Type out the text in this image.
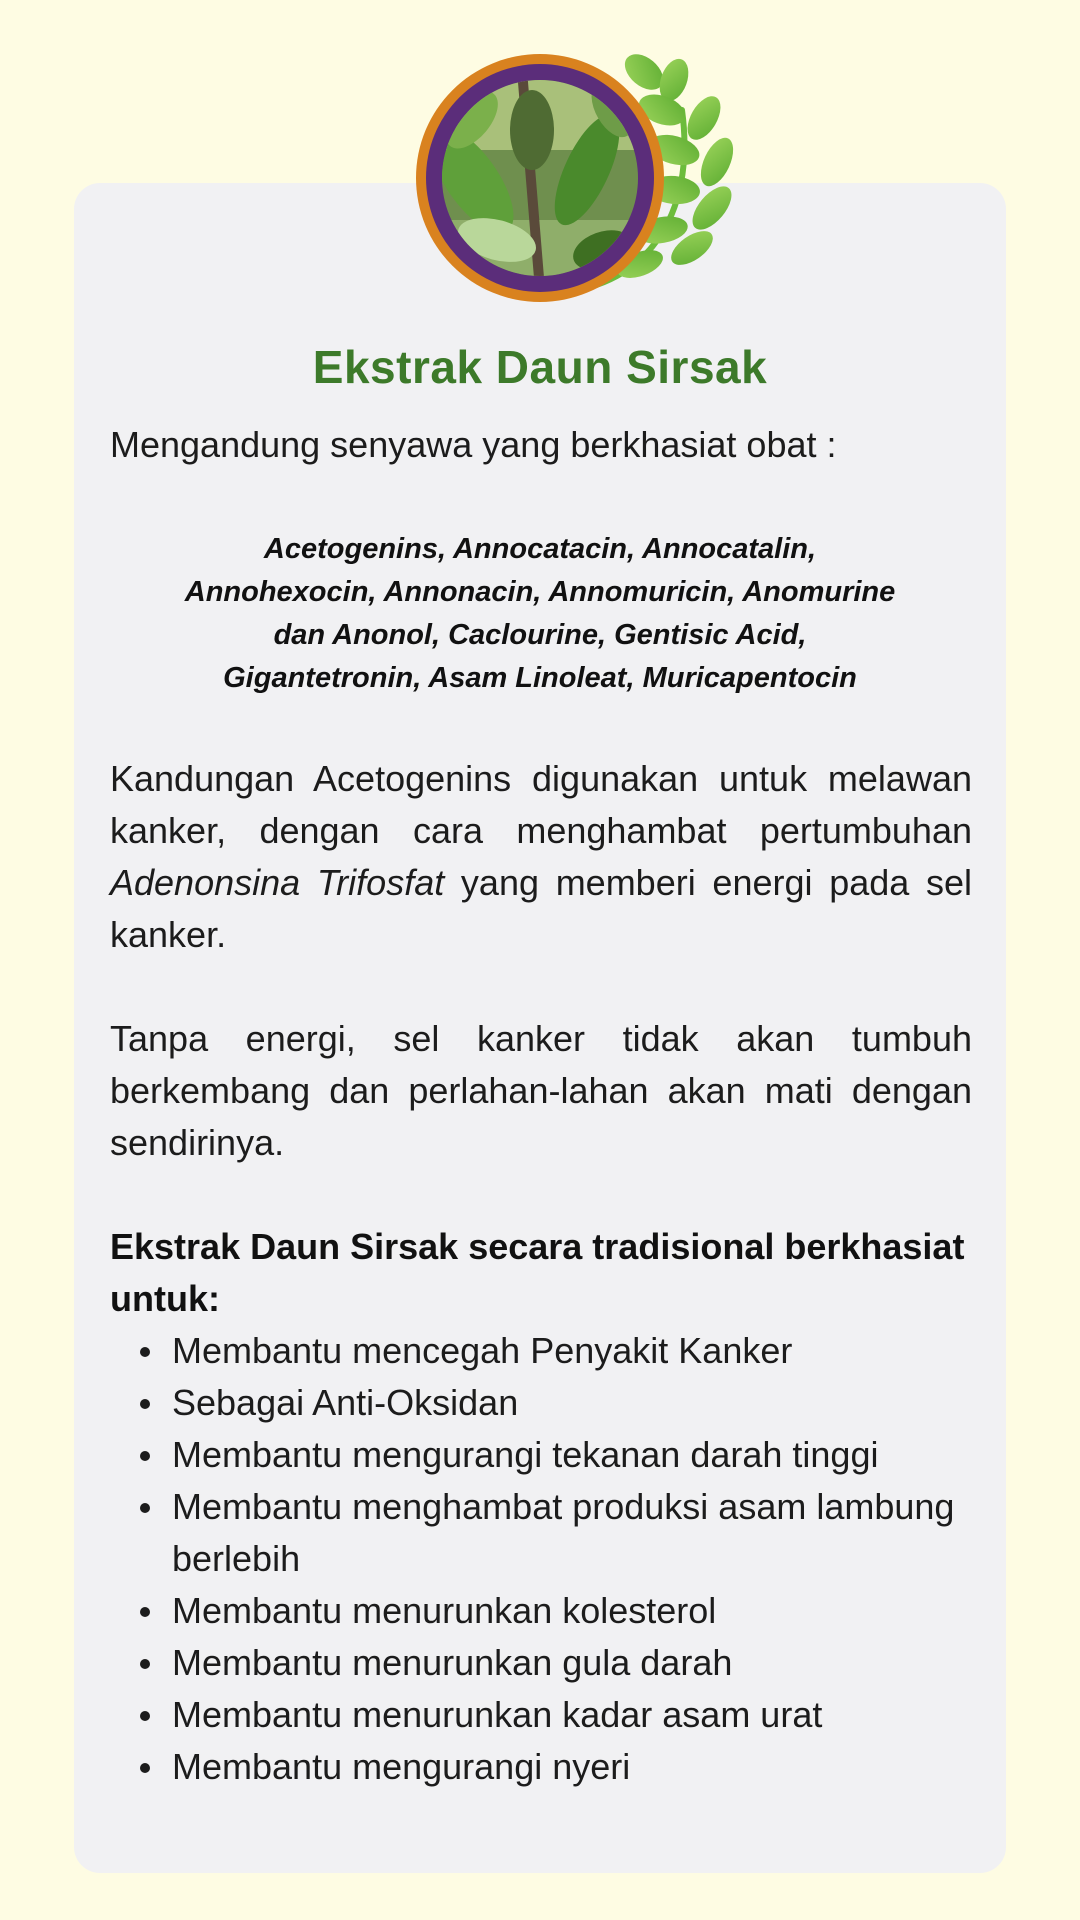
Ekstrak Daun Sirsak

Mengandung senyawa yang berkhasiat obat :

Acetogenins, Annocatacin, Annocatalin,
Annohexocin, Annonacin, Annomuricin, Anomurine
dan Anonol, Caclourine, Gentisic Acid,
Gigantetronin, Asam Linoleat, Muricapentocin

Kandungan Acetogenins digunakan untuk melawan kanker, dengan cara menghambat pertumbuhan Adenonsina Trifosfat yang memberi energi pada sel kanker.

Tanpa energi, sel kanker tidak akan tumbuh berkembang dan perlahan-lahan akan mati dengan sendirinya.

Ekstrak Daun Sirsak secara tradisional berkhasiat untuk:

Membantu mencegah Penyakit Kanker
Sebagai Anti-Oksidan
Membantu mengurangi tekanan darah tinggi
Membantu menghambat produksi asam lambung berlebih
Membantu menurunkan kolesterol
Membantu menurunkan gula darah
Membantu menurunkan kadar asam urat
Membantu mengurangi nyeri
